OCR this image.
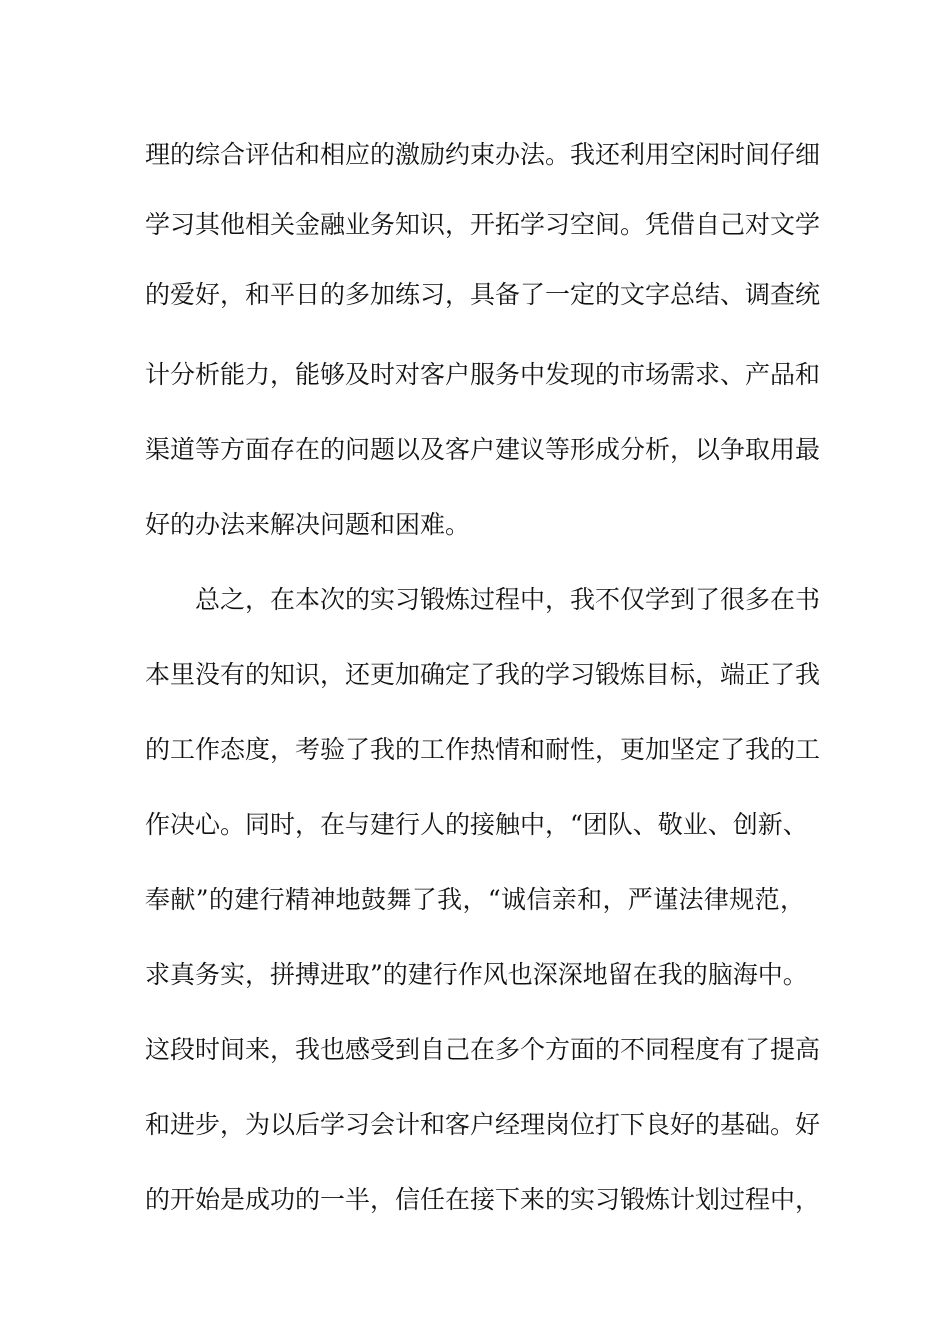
理的综合评估和相应的激励约束办法。我还利用空闲时间仔细
学习其他相关金融业务知识，开拓学习空间。凭借自己对文学
的爱好，和平日的多加练习，具备了一定的文字总结、调查统
计分析能力，能够及时对客户服务中发现的市场需求、产品和
渠道等方面存在的问题以及客户建议等形成分析，以争取用最
好的办法来解决问题和困难。
总之，在本次的实习锻炼过程中，我不仅学到了很多在书
本里没有的知识，还更加确定了我的学习锻炼目标，端正了我
的工作态度，考验了我的工作热情和耐性，更加坚定了我的工
作决心。同时，在与建行人的接触中，“团队、敬业、创新、
奉献”的建行精神地鼓舞了我，“诚信亲和，严谨法律规范，
求真务实，拼搏进取”的建行作风也深深地留在我的脑海中。
这段时间来，我也感受到自己在多个方面的不同程度有了提高
和进步，为以后学习会计和客户经理岗位打下良好的基础。好
的开始是成功的一半，信任在接下来的实习锻炼计划过程中，
